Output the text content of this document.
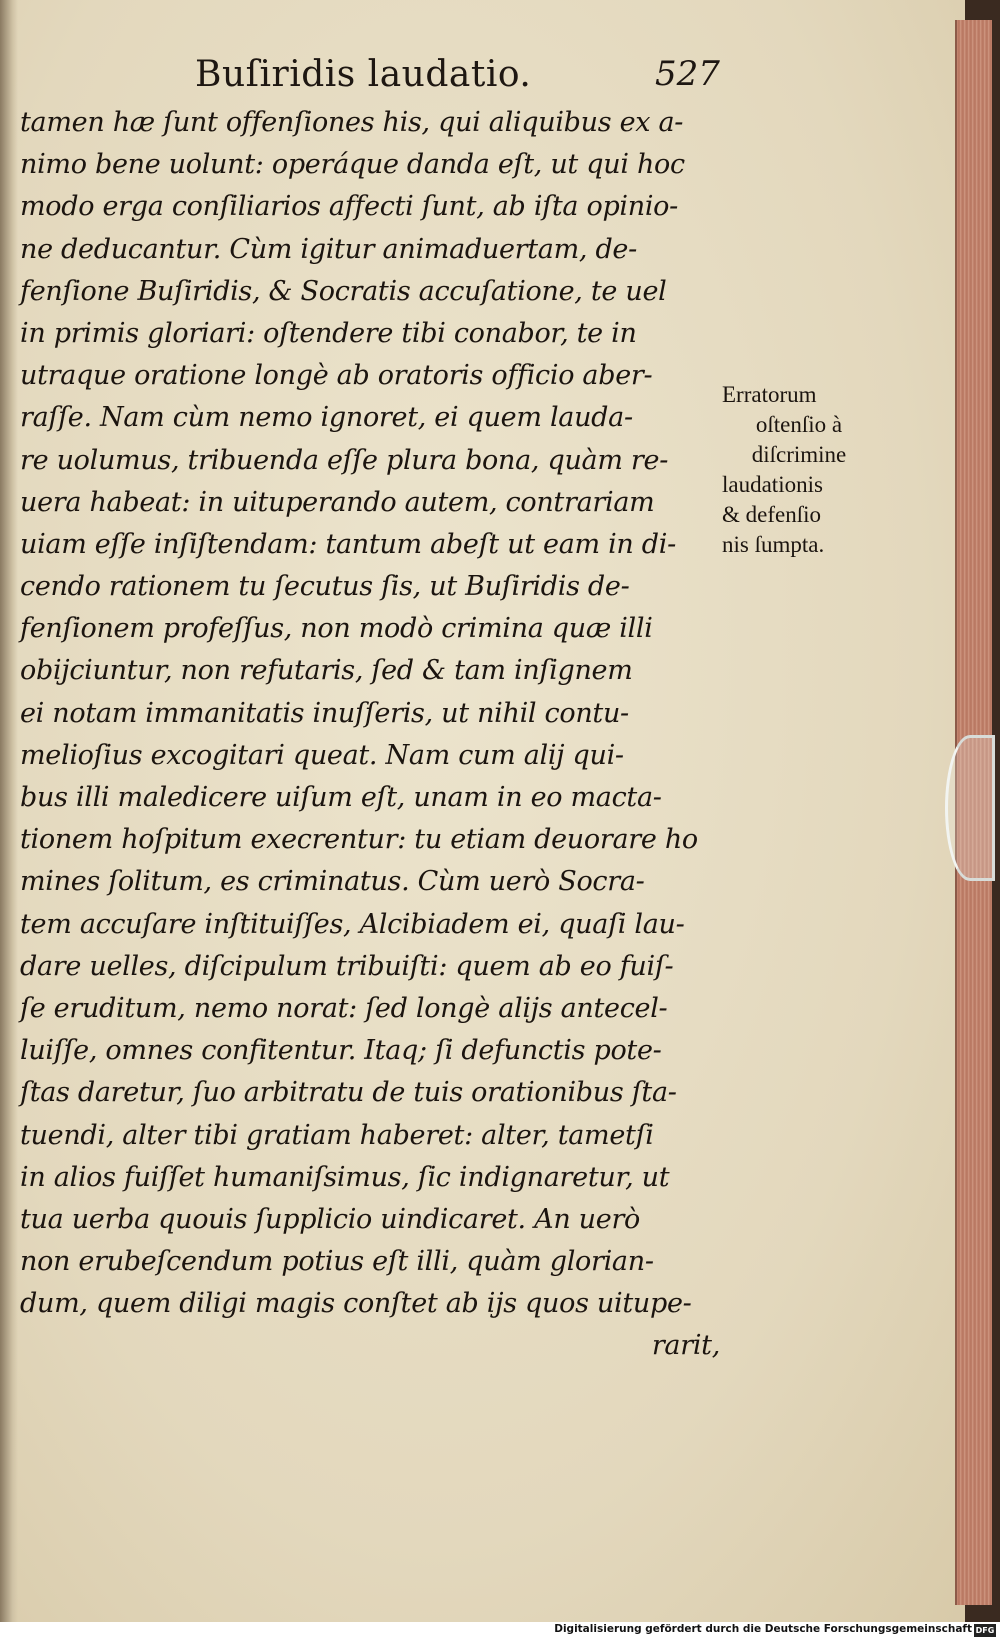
Buſiridis laudatio.	527
tamen hæ ſunt offenſiones his, qui aliquibus ex a-
nimo bene uolunt: operáque danda eſt, ut qui hoc
modo erga conſiliarios affecti ſunt, ab iſta opinio-
ne deducantur. Cùm igitur animaduertam, de-
fenſione Buſiridis, & Socratis accuſatione, te uel
in primis gloriari: oſtendere tibi conabor, te in
utraque oratione longè ab oratoris officio aber-
raſſe. Nam cùm nemo ignoret, ei quem lauda-
re uolumus, tribuenda eſſe plura bona, quàm re-
uera habeat: in uituperando autem, contrariam
uiam eſſe inſiſtendam: tantum abeſt ut eam in di-
cendo rationem tu ſecutus ſis, ut Buſiridis de-
fenſionem profeſſus, non modò crimina quæ illi
obijciuntur, non refutaris, ſed & tam inſignem
ei notam immanitatis inuſſeris, ut nihil contu-
melioſius excogitari queat. Nam cum alij qui-
bus illi maledicere uiſum eſt, unam in eo macta-
tionem hoſpitum execrentur: tu etiam deuorare ho
mines ſolitum, es criminatus. Cùm uerò Socra-
tem accuſare inſtituiſſes, Alcibiadem ei, quaſi lau-
dare uelles, diſcipulum tribuiſti: quem ab eo fuiſ-
ſe eruditum, nemo norat: ſed longè alijs antecel-
luiſſe, omnes confitentur. Itaq; ſi defunctis pote-
ſtas daretur, ſuo arbitratu de tuis orationibus ſta-
tuendi, alter tibi gratiam haberet: alter, tametſi
in alios fuiſſet humaniſsimus, ſic indignaretur, ut
tua uerba quouis ſupplicio uindicaret. An uerò
non erubeſcendum potius eſt illi, quàm glorian-
dum, quem diligi magis conſtet ab ijs quos uitupe-
rarit,
Erratorum
oſtenſio à
diſcrimine
laudationis
& defenſio
nis ſumpta.
Digitalisierung gefördert durch die Deutsche Forschungsgemeinschaft DFG
